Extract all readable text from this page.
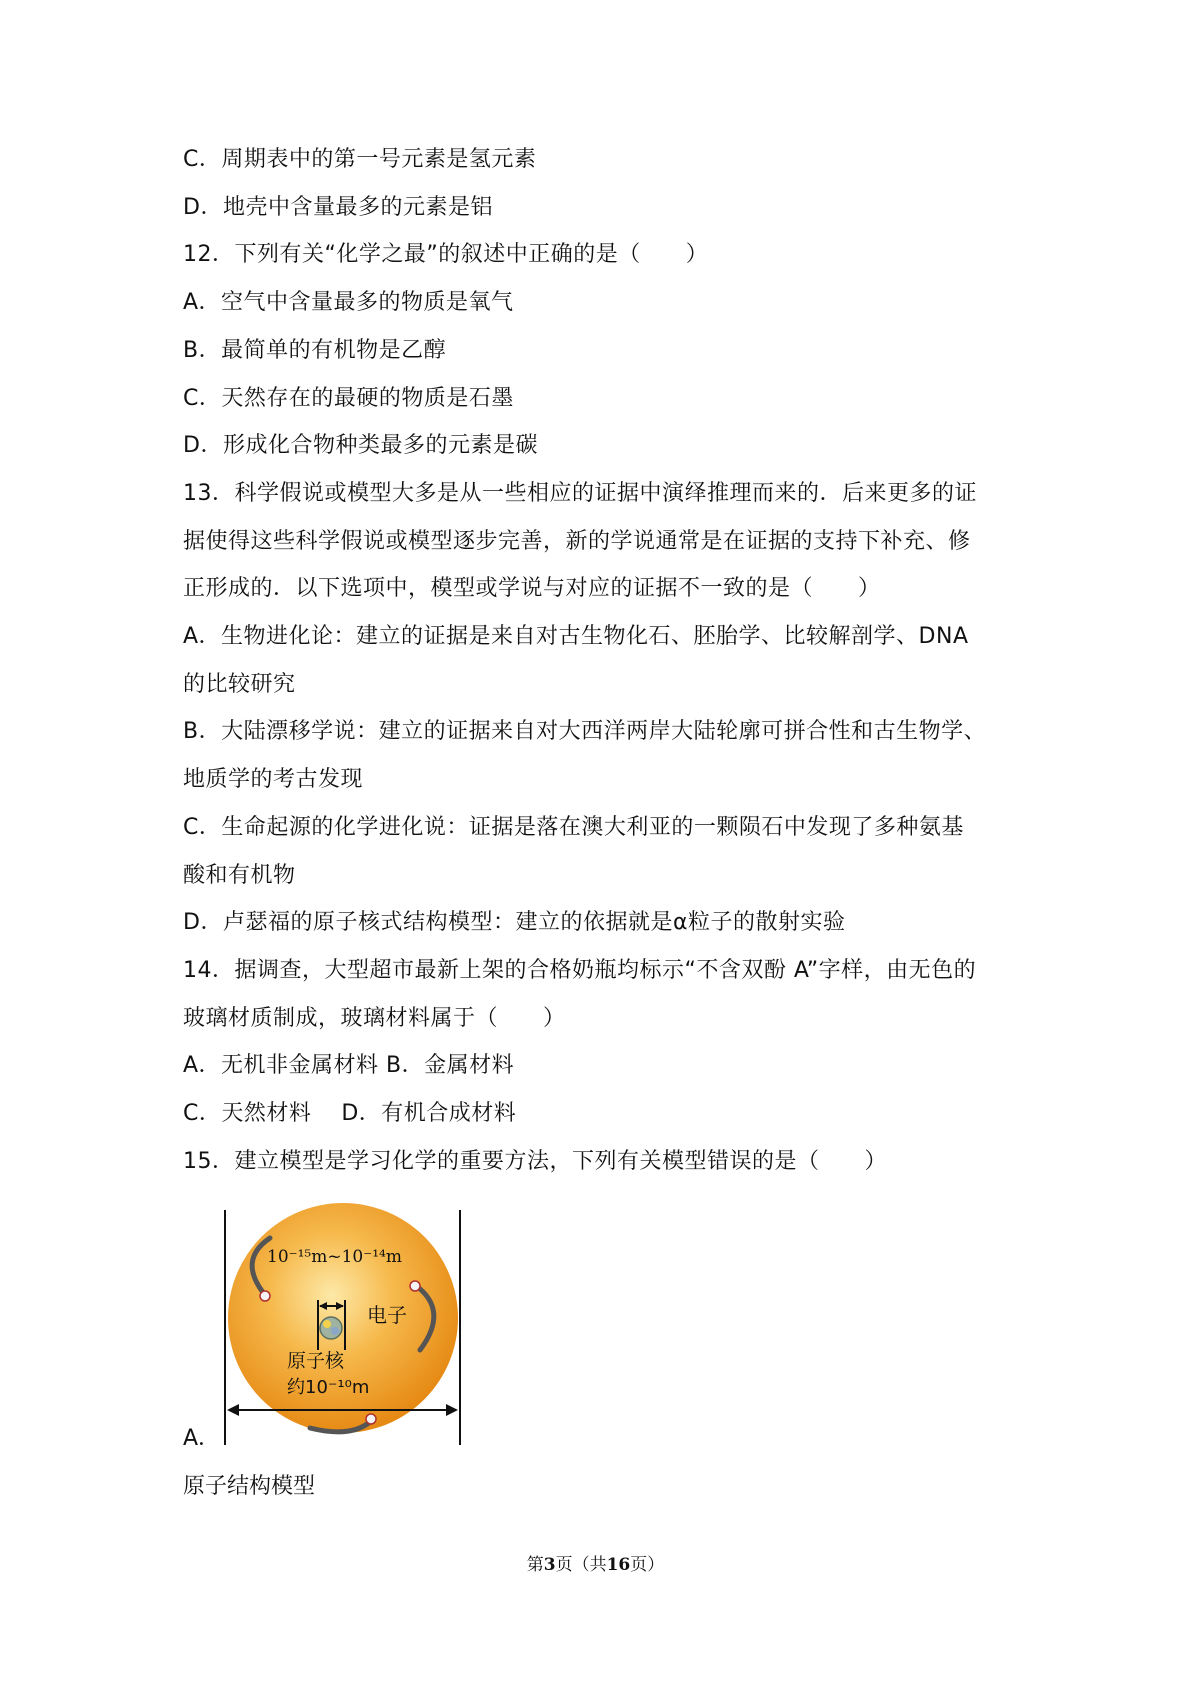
C．周期表中的第一号元素是氢元素
D．地壳中含量最多的元素是铝
12．下列有关“化学之最”的叙述中正确的是（　　）
A．空气中含量最多的物质是氧气
B．最简单的有机物是乙醇
C．天然存在的最硬的物质是石墨
D．形成化合物种类最多的元素是碳
13．科学假说或模型大多是从一些相应的证据中演绎推理而来的．后来更多的证
据使得这些科学假说或模型逐步完善，新的学说通常是在证据的支持下补充、修
正形成的．以下选项中，模型或学说与对应的证据不一致的是（　　）
A．生物进化论：建立的证据是来自对古生物化石、胚胎学、比较解剖学、DNA
的比较研究
B．大陆漂移学说：建立的证据来自对大西洋两岸大陆轮廓可拼合性和古生物学、
地质学的考古发现
C．生命起源的化学进化说：证据是落在澳大利亚的一颗陨石中发现了多种氨基
酸和有机物
D．卢瑟福的原子核式结构模型：建立的依据就是α粒子的散射实验
14．据调查，大型超市最新上架的合格奶瓶均标示“不含双酚 A”字样，由无色的
玻璃材质制成，玻璃材料属于（　　）
A．无机非金属材料 B．金属材料
C．天然材料　 D．有机合成材料
15．建立模型是学习化学的重要方法，下列有关模型错误的是（　　）
10⁻¹⁵m~10⁻¹⁴m
电子
原子核
约10⁻¹⁰m
A．
原子结构模型
第3页（共16页）
